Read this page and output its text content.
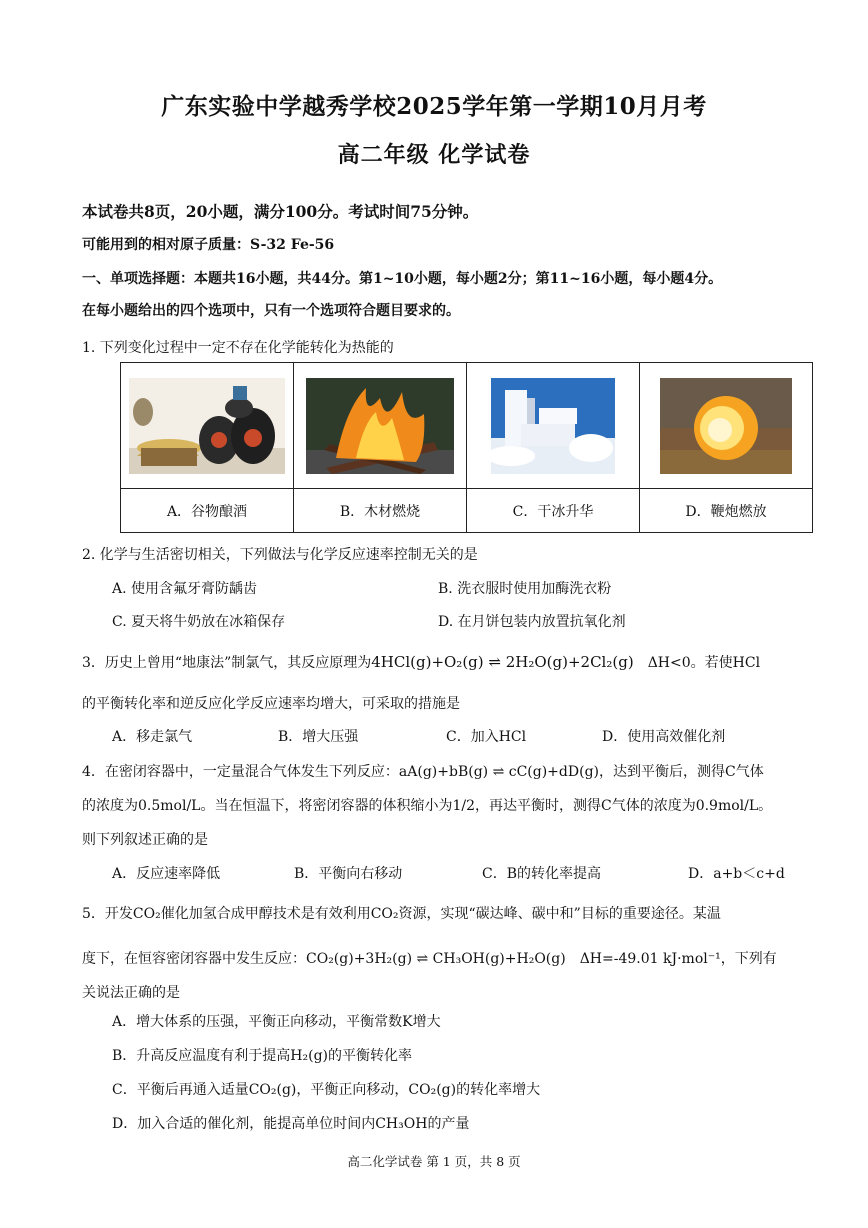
广东实验中学越秀学校2025学年第一学期10月月考
高二年级 化学试卷
本试卷共8页，20小题，满分100分。考试时间75分钟。
可能用到的相对原子质量：S-32 Fe-56
一、单项选择题：本题共16小题，共44分。第1~10小题，每小题2分；第11~16小题，每小题4分。
在每小题给出的四个选项中，只有一个选项符合题目要求的。
1. 下列变化过程中一定不存在化学能转化为热能的

A．谷物酿酒	B．木材燃烧	C．干冰升华	D．鞭炮燃放
2. 化学与生活密切相关，下列做法与化学反应速率控制无关的是
A. 使用含氟牙膏防龋齿	B. 洗衣服时使用加酶洗衣粉
C. 夏天将牛奶放在冰箱保存	D. 在月饼包装内放置抗氧化剂
3．历史上曾用“地康法”制氯气，其反应原理为4HCl(g)+O₂(g) ⇌ 2H₂O(g)+2Cl₂(g) ΔH<0。若使HCl
的平衡转化率和逆反应化学反应速率均增大，可采取的措施是
A．移走氯气	B．增大压强	C．加入HCl	D．使用高效催化剂
4．在密闭容器中，一定量混合气体发生下列反应：aA(g)+bB(g) ⇌ cC(g)+dD(g)，达到平衡后，测得C气体
的浓度为0.5mol/L。当在恒温下，将密闭容器的体积缩小为1/2，再达平衡时，测得C气体的浓度为0.9mol/L。
则下列叙述正确的是
A．反应速率降低	B．平衡向右移动	C．B的转化率提高	D．a+b＜c+d
5．开发CO₂催化加氢合成甲醇技术是有效利用CO₂资源，实现“碳达峰、碳中和”目标的重要途径。某温
度下，在恒容密闭容器中发生反应：CO₂(g)+3H₂(g) ⇌ CH₃OH(g)+H₂O(g) ΔH=-49.01 kJ·mol⁻¹，下列有
关说法正确的是
A．增大体系的压强，平衡正向移动，平衡常数K增大
B．升高反应温度有利于提高H₂(g)的平衡转化率
C．平衡后再通入适量CO₂(g)，平衡正向移动，CO₂(g)的转化率增大
D．加入合适的催化剂，能提高单位时间内CH₃OH的产量
高二化学试卷 第 1 页，共 8 页
